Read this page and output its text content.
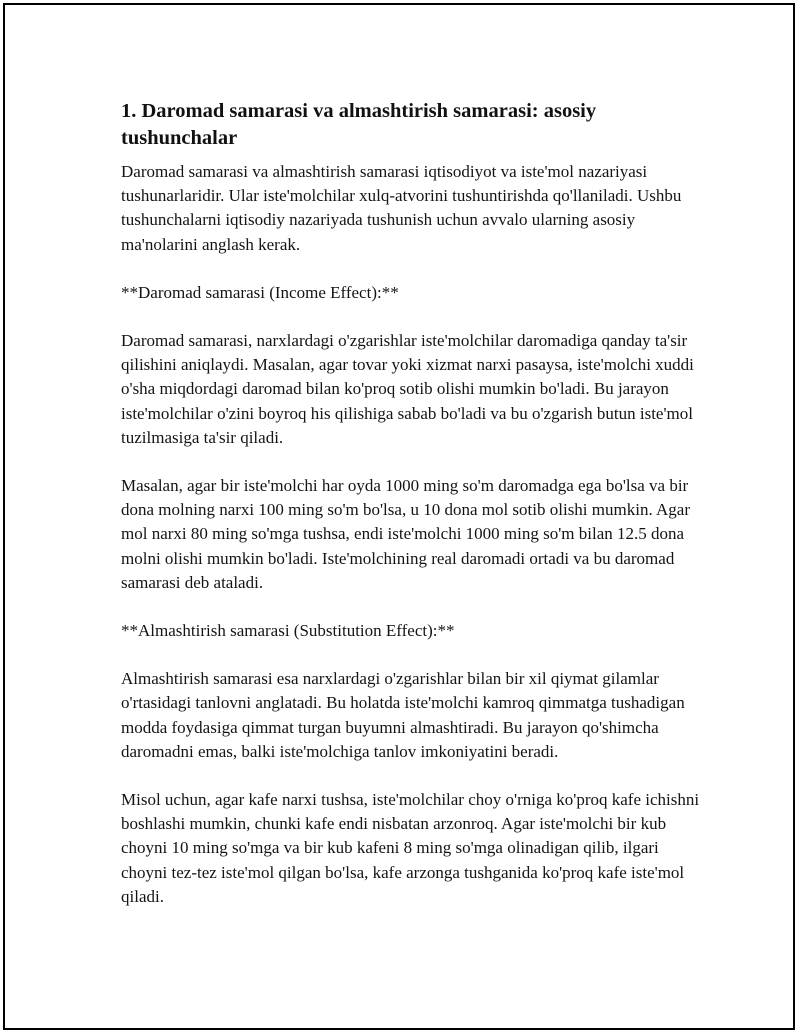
1. Daromad samarasi va almashtirish samarasi: asosiy tushunchalar

Daromad samarasi va almashtirish samarasi iqtisodiyot va iste'mol nazariyasi tushunarlaridir. Ular iste'molchilar xulq-atvorini tushuntirishda qo'llaniladi. Ushbu tushunchalarni iqtisodiy nazariyada tushunish uchun avvalo ularning asosiy ma'nolarini anglash kerak.

**Daromad samarasi (Income Effect):**

Daromad samarasi, narxlardagi o'zgarishlar iste'molchilar daromadiga qanday ta'sir qilishini aniqlaydi. Masalan, agar tovar yoki xizmat narxi pasaysa, iste'molchi xuddi o'sha miqdordagi daromad bilan ko'proq sotib olishi mumkin bo'ladi. Bu jarayon iste'molchilar o'zini boyroq his qilishiga sabab bo'ladi va bu o'zgarish butun iste'mol tuzilmasiga ta'sir qiladi.

Masalan, agar bir iste'molchi har oyda 1000 ming so'm daromadga ega bo'lsa va bir dona molning narxi 100 ming so'm bo'lsa, u 10 dona mol sotib olishi mumkin. Agar mol narxi 80 ming so'mga tushsa, endi iste'molchi 1000 ming so'm bilan 12.5 dona molni olishi mumkin bo'ladi. Iste'molchining real daromadi ortadi va bu daromad samarasi deb ataladi.

**Almashtirish samarasi (Substitution Effect):**

Almashtirish samarasi esa narxlardagi o'zgarishlar bilan bir xil qiymat gilamlar o'rtasidagi tanlovni anglatadi. Bu holatda iste'molchi kamroq qimmatga tushadigan modda foydasiga qimmat turgan buyumni almashtiradi. Bu jarayon qo'shimcha daromadni emas, balki iste'molchiga tanlov imkoniyatini beradi.

Misol uchun, agar kafe narxi tushsa, iste'molchilar choy o'rniga ko'proq kafe ichishni boshlashi mumkin, chunki kafe endi nisbatan arzonroq. Agar iste'molchi bir kub choyni 10 ming so'mga va bir kub kafeni 8 ming so'mga olinadigan qilib, ilgari choyni tez-tez iste'mol qilgan bo'lsa, kafe arzonga tushganida ko'proq kafe iste'mol qiladi.
